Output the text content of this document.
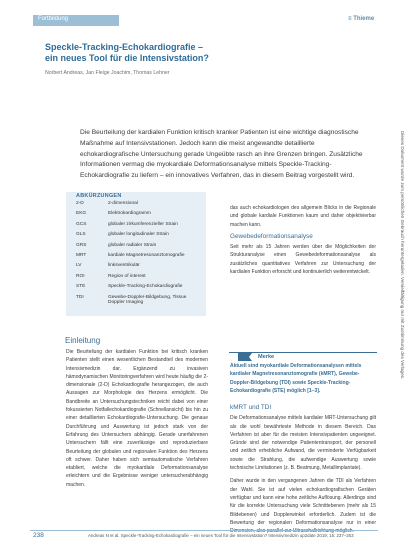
Fortbildung	≡ Thieme
Speckle-Tracking-Echokardiografie –
ein neues Tool für die Intensivstation?
Norbert Andreas, Jan Fleige Joachim, Thomas Lehner
Die Beurteilung der kardialen Funktion kritisch kranker Patienten ist eine wichtige diagnostische Maßnahme auf Intensivstationen. Jedoch kann die meist angewandte detaillierte echokardiografische Untersuchung gerade Ungeübte rasch an ihre Grenzen bringen. Zusätzliche Informationen vermag die myokardiale Deformationsanalyse mittels Speckle-Tracking-Echokardiografie zu liefern – ein innovatives Verfahren, das in diesem Beitrag vorgestellt wird.
ABKÜRZUNGEN
2-D	2-dimensional
EKG	Elektrokardiogramm
GCS	globaler zirkumferenzieller Strain
GLS	globaler longitudinaler Strain
GRS	globaler radialer Strain
MRT	kardiale Magnetresonanztomografie
LV	linksventrikulär
ROI	Region of interest
STE	Speckle-Tracking-Echokardiografie
TDI	Gewebe-Doppler-Bildgebung, Tissue Doppler Imaging
Einleitung
Die Beurteilung der kardialen Funktion bei kritisch kranken Patienten stellt einen wesentlichen Bestandteil des modernen Intensivmedizin dar. Ergänzend zu invasiven hämodynamischen Monitoringverfahren wird heute häufig die 2-dimensionale (2-D) Echokardiografie herangezogen, die auch Aussagen zur Morphologie des Herzens ermöglicht. Die Bandbreite an Untersuchungstechniken reicht dabei von einer fokussierten Notfallechokardiografie (Schnellansicht) bis hin zu einer detaillierten Echokardiografie-Untersuchung. Die genaue Durchführung und Auswertung ist jedoch stark von der Erfahrung des Untersuchers abhängig. Gerade unerfahrenen Untersuchern fällt eine zuverlässige und reproduzierbare Beurteilung der globalen und regionalen Funktion des Herzens oft schwer. Daher haben sich semiautomatische Verfahren etabliert, welche die myokardiale Deformationsanalyse erleichtern und die Ergebnisse weniger untersucherabhängig machen.
das auch echokardiologen des allgemein Blicks in die Regionale und globale kardiale Funktionen kaum und daher objektivierbar machen kann.
Gewebedeformationsanalyse
Seit mehr als 15 Jahren werden über die Möglichkeiten der Strukturanalyse einen Gewebedeformationsanalyse als zusätzliches quantitatives Verfahren zur Untersuchung der kardialen Funktion erforscht und kontinuierlich weiterentwickelt.
Merke
Aktuell sind myokardiale Deformationsanalysen mittels kardialer Magnetresonanztomografie (kMRT), Gewebe-Doppler-Bildgebung (TDI) sowie Speckle-Tracking-Echokardiografie (STE) möglich [1–3].
kMRT und TDI
Die Deformationsanalyse mittels kardialer MRT-Untersuchung gilt als die wohl bewährteste Methode in diesem Bereich. Das Verfahren ist aber für die meisten Intensivpatienten ungeeignet. Gründe sind der notwendige Patiententransport, der personell und zeitlich erhebliche Aufwand, die verminderte Verfügbarkeit sowie die Strahlung, die aufwendige Auswertung sowie technische Limitationen (z. B. Beatmung, Metallimplantate).
Daher wurde in den vergangenen Jahren die TDI als Verfahren der Wahl. Sie ist auf vielen echokardiografischen Geräten verfügbar und kann eine hohe zeitliche Auflösung. Allerdings sind für die korrekte Untersuchung viele Schnittebenen (mehr als 15 Bildebenen) und Dopplerwinkel erforderlich. Zudem ist die Bewertung der regionalen Deformationsanalyse nur in einer Dimension, also parallel zur Ultraschallrichtung möglich.
238	Andreas N et al. Speckle-Tracking-Echokardiografie – ein neues Tool für die Intensivstation? Intensivmedizin up2date 2019; 15: 237–253
Dieses Dokument wurde zum persönlichen Gebrauch heruntergeladen. Vervielfältigung nur mit Zustimmung des Verlages.
